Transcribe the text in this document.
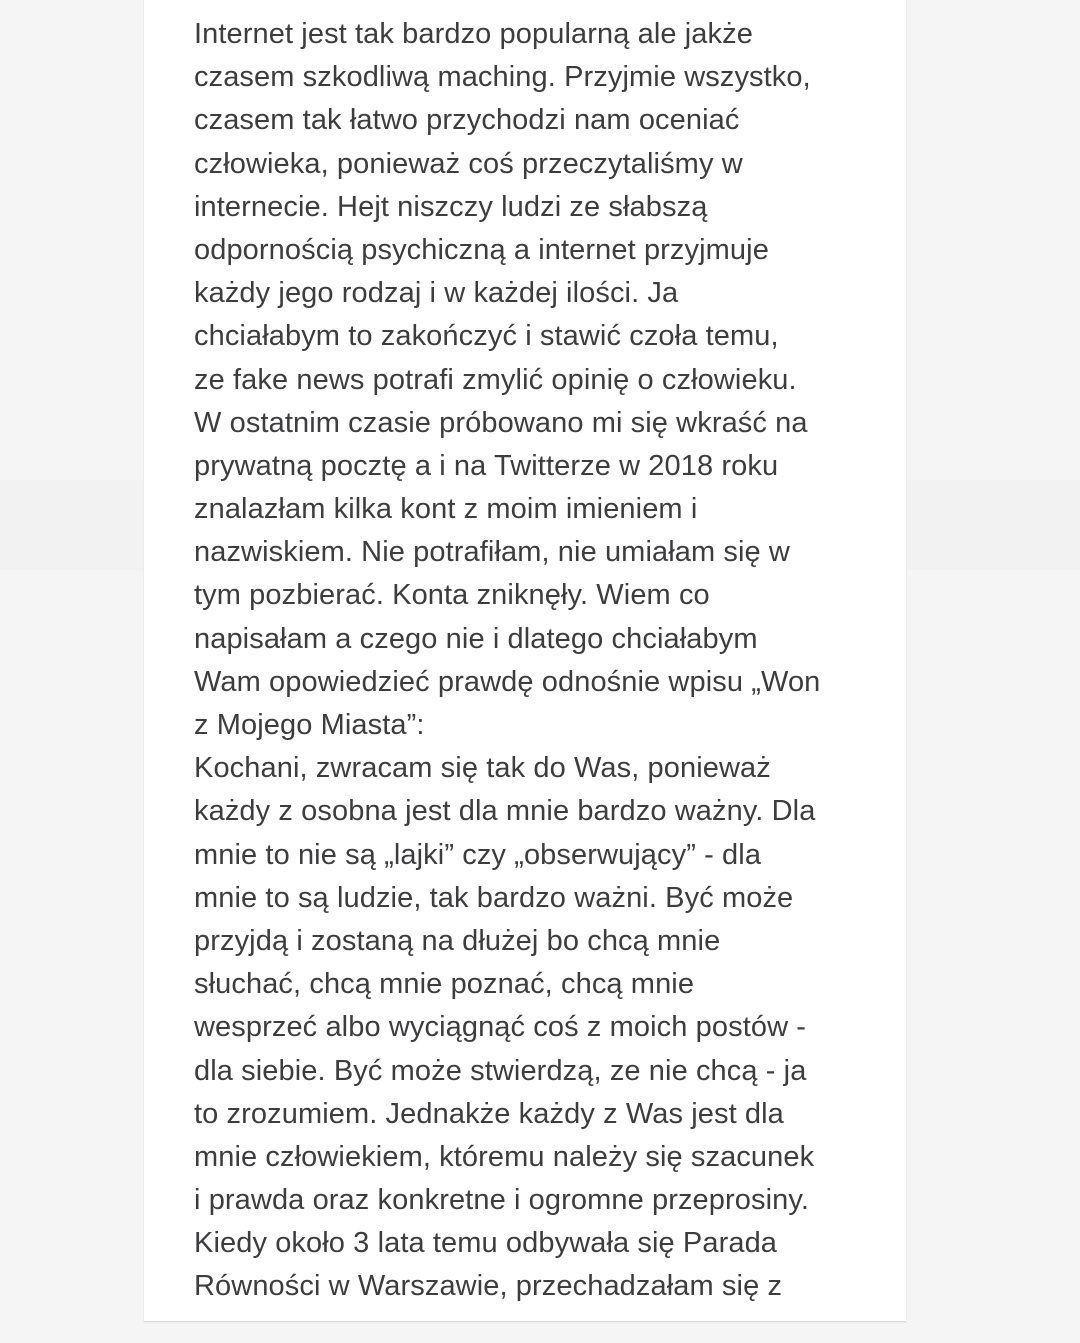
Internet jest tak bardzo popularną ale jakże
czasem szkodliwą maching. Przyjmie wszystko,
czasem tak łatwo przychodzi nam oceniać
człowieka, ponieważ coś przeczytaliśmy w
internecie. Hejt niszczy ludzi ze słabszą
odpornością psychiczną a internet przyjmuje
każdy jego rodzaj i w każdej ilości. Ja
chciałabym to zakończyć i stawić czoła temu,
ze fake news potrafi zmylić opinię o człowieku.
W ostatnim czasie próbowano mi się wkraść na
prywatną pocztę a i na Twitterze w 2018 roku
znalazłam kilka kont z moim imieniem i
nazwiskiem. Nie potrafiłam, nie umiałam się w
tym pozbierać. Konta zniknęły. Wiem co
napisałam a czego nie i dlatego chciałabym
Wam opowiedzieć prawdę odnośnie wpisu „Won
z Mojego Miasta”:
Kochani, zwracam się tak do Was, ponieważ
każdy z osobna jest dla mnie bardzo ważny. Dla
mnie to nie są „lajki” czy „obserwujący” - dla
mnie to są ludzie, tak bardzo ważni. Być może
przyjdą i zostaną na dłużej bo chcą mnie
słuchać, chcą mnie poznać, chcą mnie
wesprzeć albo wyciągnąć coś z moich postów -
dla siebie. Być może stwierdzą, ze nie chcą - ja
to zrozumiem. Jednakże każdy z Was jest dla
mnie człowiekiem, któremu należy się szacunek
i prawda oraz konkretne i ogromne przeprosiny.
Kiedy około 3 lata temu odbywała się Parada
Równości w Warszawie, przechadzałam się z
